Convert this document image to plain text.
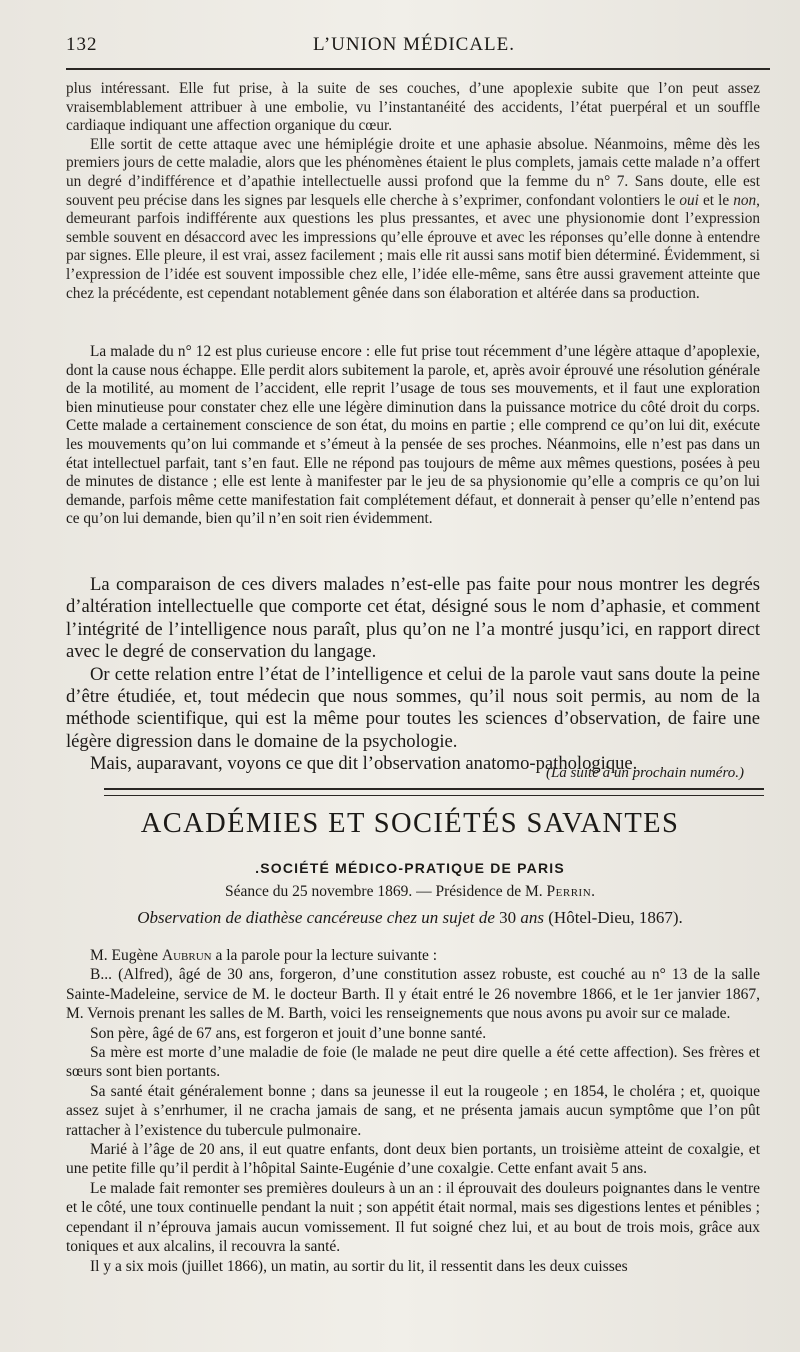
132	L’UNION MÉDICALE.

plus intéressant. Elle fut prise, à la suite de ses couches, d’une apoplexie subite que l’on peut assez vraisemblablement attribuer à une embolie, vu l’instantanéité des accidents, l’état puerpéral et un souffle cardiaque indiquant une affection organique du cœur.

Elle sortit de cette attaque avec une hémiplégie droite et une aphasie absolue. Néanmoins, même dès les premiers jours de cette maladie, alors que les phénomènes étaient le plus complets, jamais cette malade n’a offert un degré d’indifférence et d’apathie intellectuelle aussi profond que la femme du n° 7. Sans doute, elle est souvent peu précise dans les signes par lesquels elle cherche à s’exprimer, confondant volontiers le oui et le non, demeurant parfois indifférente aux questions les plus pressantes, et avec une physionomie dont l’expression semble souvent en désaccord avec les impressions qu’elle éprouve et avec les réponses qu’elle donne à entendre par signes. Elle pleure, il est vrai, assez facilement ; mais elle rit aussi sans motif bien déterminé. Évidemment, si l’expression de l’idée est souvent impossible chez elle, l’idée elle-même, sans être aussi gravement atteinte que chez la précédente, est cependant notablement gênée dans son élaboration et altérée dans sa production.

La malade du n° 12 est plus curieuse encore : elle fut prise tout récemment d’une légère attaque d’apoplexie, dont la cause nous échappe. Elle perdit alors subitement la parole, et, après avoir éprouvé une résolution générale de la motilité, au moment de l’accident, elle reprit l’usage de tous ses mouvements, et il faut une exploration bien minutieuse pour constater chez elle une légère diminution dans la puissance motrice du côté droit du corps. Cette malade a certainement conscience de son état, du moins en partie ; elle comprend ce qu’on lui dit, exécute les mouvements qu’on lui commande et s’émeut à la pensée de ses proches. Néanmoins, elle n’est pas dans un état intellectuel parfait, tant s’en faut. Elle ne répond pas toujours de même aux mêmes questions, posées à peu de minutes de distance ; elle est lente à manifester par le jeu de sa physionomie qu’elle a compris ce qu’on lui demande, parfois même cette manifestation fait complétement défaut, et donnerait à penser qu’elle n’entend pas ce qu’on lui demande, bien qu’il n’en soit rien évidemment.

La comparaison de ces divers malades n’est-elle pas faite pour nous montrer les degrés d’altération intellectuelle que comporte cet état, désigné sous le nom d’aphasie, et comment l’intégrité de l’intelligence nous paraît, plus qu’on ne l’a montré jusqu’ici, en rapport direct avec le degré de conservation du langage.

Or cette relation entre l’état de l’intelligence et celui de la parole vaut sans doute la peine d’être étudiée, et, tout médecin que nous sommes, qu’il nous soit permis, au nom de la méthode scientifique, qui est la même pour toutes les sciences d’observation, de faire une légère digression dans le domaine de la psychologie.

Mais, auparavant, voyons ce que dit l’observation anatomo-pathologique.

(La suite à un prochain numéro.)
ACADÉMIES ET SOCIÉTÉS SAVANTES
.SOCIÉTÉ MÉDICO-PRATIQUE DE PARIS
Séance du 25 novembre 1869. — Présidence de M. Perrin.
Observation de diathèse cancéreuse chez un sujet de 30 ans (Hôtel-Dieu, 1867).

M. Eugène Aubrun a la parole pour la lecture suivante :

B... (Alfred), âgé de 30 ans, forgeron, d’une constitution assez robuste, est couché au n° 13 de la salle Sainte-Madeleine, service de M. le docteur Barth. Il y était entré le 26 novembre 1866, et le 1er janvier 1867, M. Vernois prenant les salles de M. Barth, voici les renseignements que nous avons pu avoir sur ce malade.

Son père, âgé de 67 ans, est forgeron et jouit d’une bonne santé.

Sa mère est morte d’une maladie de foie (le malade ne peut dire quelle a été cette affection). Ses frères et sœurs sont bien portants.

Sa santé était généralement bonne ; dans sa jeunesse il eut la rougeole ; en 1854, le choléra ; et, quoique assez sujet à s’enrhumer, il ne cracha jamais de sang, et ne présenta jamais aucun symptôme que l’on pût rattacher à l’existence du tubercule pulmonaire.

Marié à l’âge de 20 ans, il eut quatre enfants, dont deux bien portants, un troisième atteint de coxalgie, et une petite fille qu’il perdit à l’hôpital Sainte-Eugénie d’une coxalgie. Cette enfant avait 5 ans.

Le malade fait remonter ses premières douleurs à un an : il éprouvait des douleurs poignantes dans le ventre et le côté, une toux continuelle pendant la nuit ; son appétit était normal, mais ses digestions lentes et pénibles ; cependant il n’éprouva jamais aucun vomissement. Il fut soigné chez lui, et au bout de trois mois, grâce aux toniques et aux alcalins, il recouvra la santé.

Il y a six mois (juillet 1866), un matin, au sortir du lit, il ressentit dans les deux cuisses
